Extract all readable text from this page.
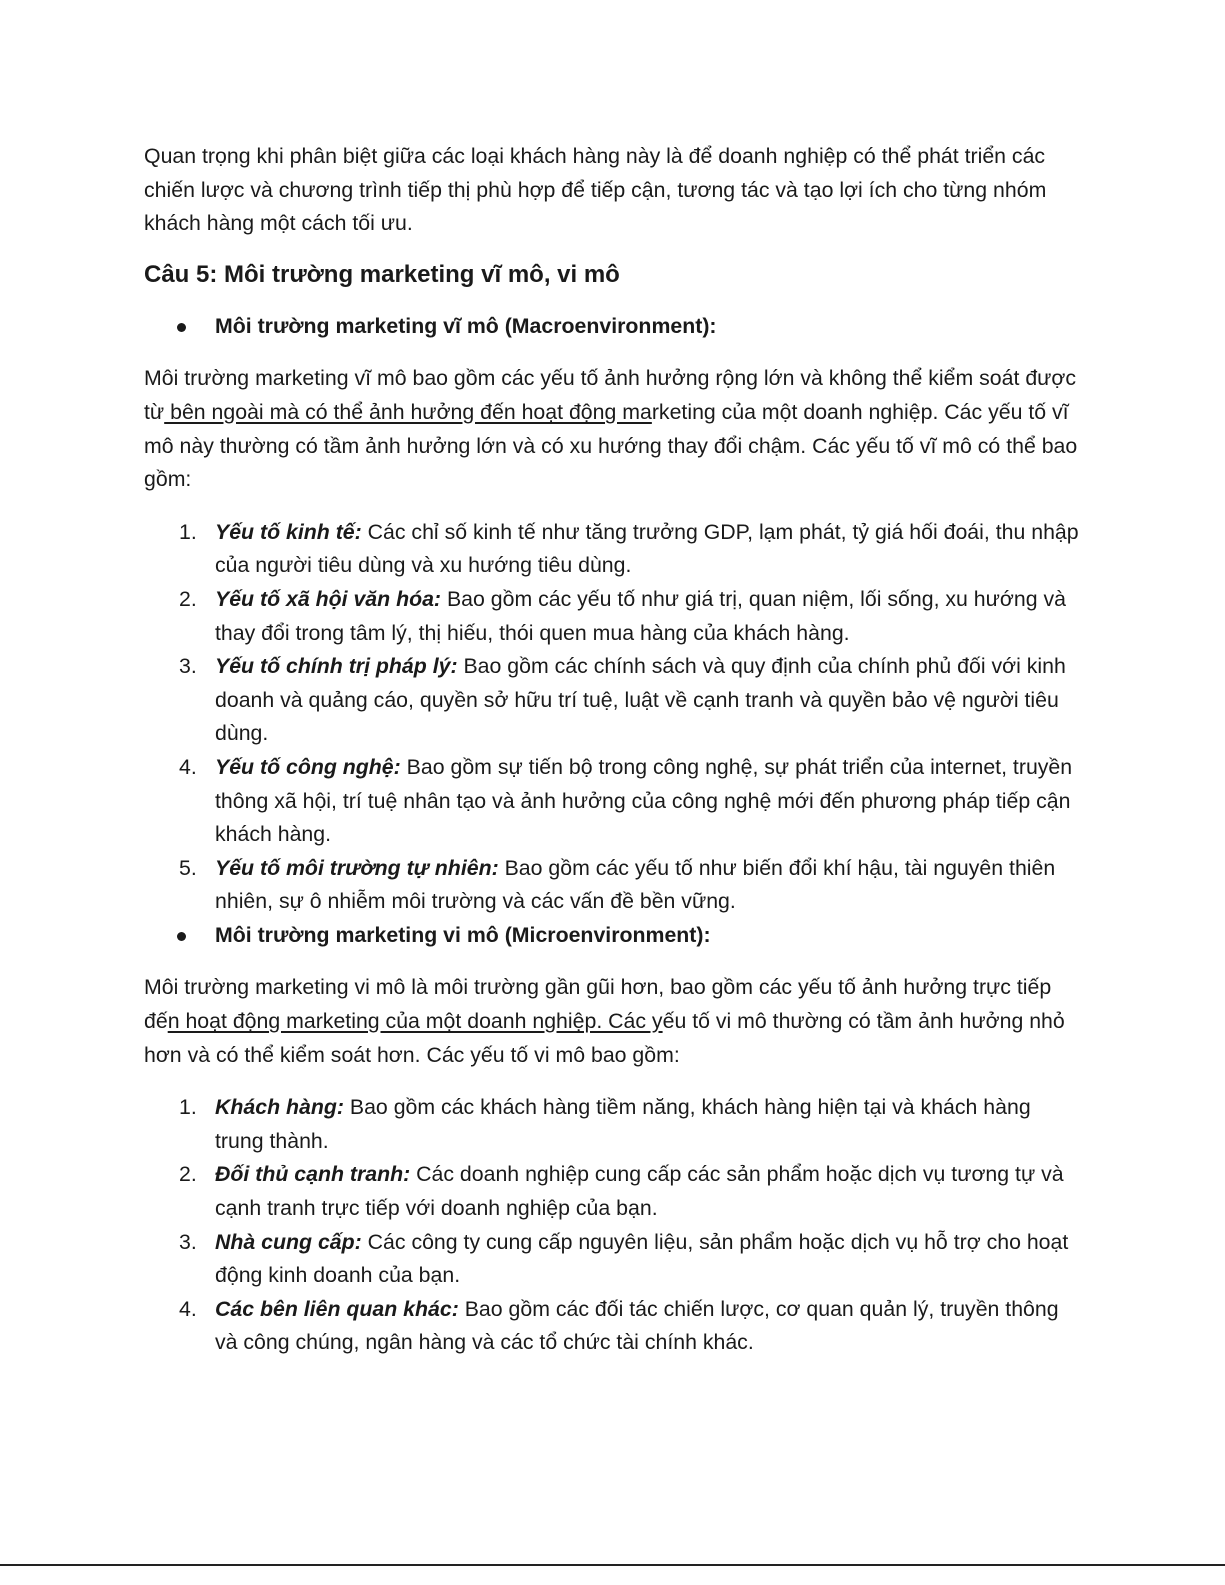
Quan trọng khi phân biệt giữa các loại khách hàng này là để doanh nghiệp có thể phát triển các chiến lược và chương trình tiếp thị phù hợp để tiếp cận, tương tác và tạo lợi ích cho từng nhóm khách hàng một cách tối ưu.

Câu 5: Môi trường marketing vĩ mô, vi mô
Môi trường marketing vĩ mô (Macroenvironment):

Môi trường marketing vĩ mô bao gồm các yếu tố ảnh hưởng rộng lớn và không thể kiểm soát được từ bên ngoài mà có thể ảnh hưởng đến hoạt động marketing của một doanh nghiệp. Các yếu tố vĩ mô này thường có tầm ảnh hưởng lớn và có xu hướng thay đổi chậm. Các yếu tố vĩ mô có thể bao gồm:

1. Yếu tố kinh tế: Các chỉ số kinh tế như tăng trưởng GDP, lạm phát, tỷ giá hối đoái, thu nhập của người tiêu dùng và xu hướng tiêu dùng.
2. Yếu tố xã hội văn hóa: Bao gồm các yếu tố như giá trị, quan niệm, lối sống, xu hướng và thay đổi trong tâm lý, thị hiếu, thói quen mua hàng của khách hàng.
3. Yếu tố chính trị pháp lý: Bao gồm các chính sách và quy định của chính phủ đối với kinh doanh và quảng cáo, quyền sở hữu trí tuệ, luật về cạnh tranh và quyền bảo vệ người tiêu dùng.
4. Yếu tố công nghệ: Bao gồm sự tiến bộ trong công nghệ, sự phát triển của internet, truyền thông xã hội, trí tuệ nhân tạo và ảnh hưởng của công nghệ mới đến phương pháp tiếp cận khách hàng.
5. Yếu tố môi trường tự nhiên: Bao gồm các yếu tố như biến đổi khí hậu, tài nguyên thiên nhiên, sự ô nhiễm môi trường và các vấn đề bền vững.
Môi trường marketing vi mô (Microenvironment):

Môi trường marketing vi mô là môi trường gần gũi hơn, bao gồm các yếu tố ảnh hưởng trực tiếp đến hoạt động marketing của một doanh nghiệp. Các yếu tố vi mô thường có tầm ảnh hưởng nhỏ hơn và có thể kiểm soát hơn. Các yếu tố vi mô bao gồm:

1. Khách hàng: Bao gồm các khách hàng tiềm năng, khách hàng hiện tại và khách hàng trung thành.
2. Đối thủ cạnh tranh: Các doanh nghiệp cung cấp các sản phẩm hoặc dịch vụ tương tự và cạnh tranh trực tiếp với doanh nghiệp của bạn.
3. Nhà cung cấp: Các công ty cung cấp nguyên liệu, sản phẩm hoặc dịch vụ hỗ trợ cho hoạt động kinh doanh của bạn.
4. Các bên liên quan khác: Bao gồm các đối tác chiến lược, cơ quan quản lý, truyền thông và công chúng, ngân hàng và các tổ chức tài chính khác.
